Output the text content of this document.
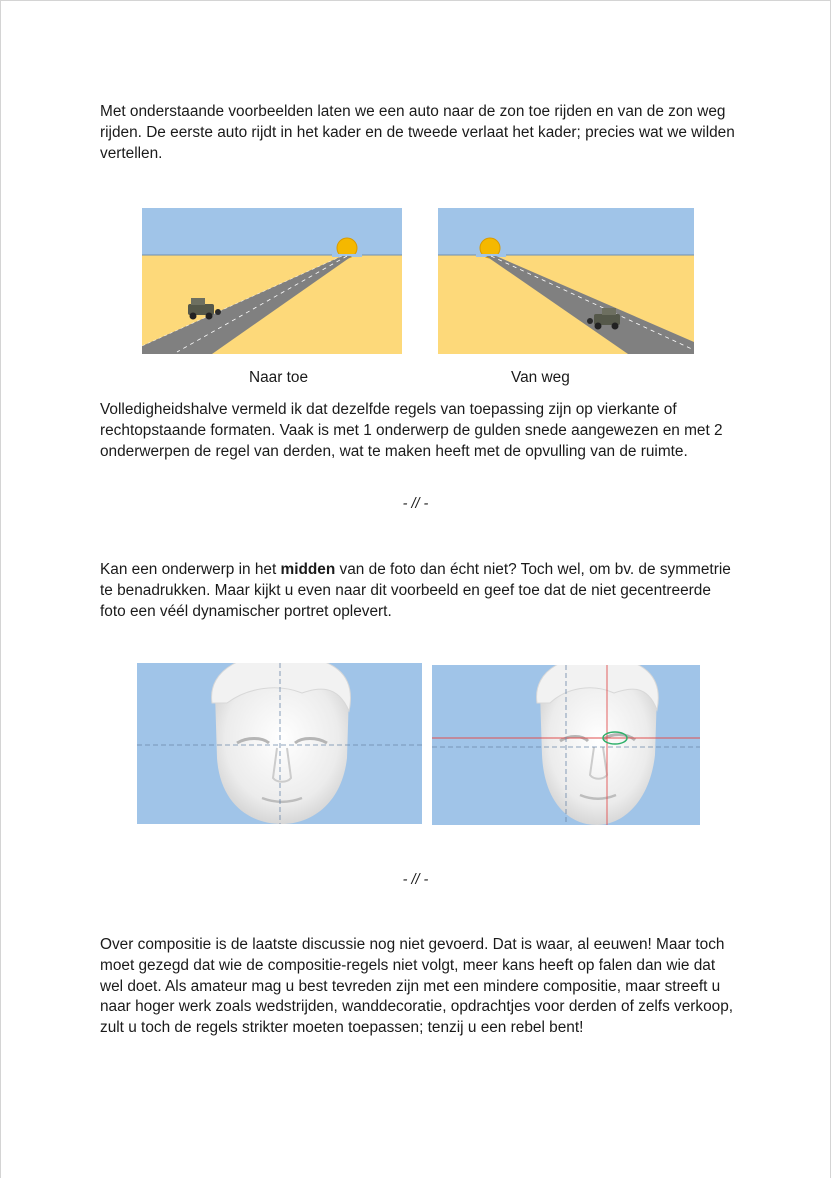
Met onderstaande voorbeelden laten we een auto naar de zon toe rijden en van de zon weg rijden. De eerste auto rijdt in het kader en de tweede verlaat het kader; precies wat we wilden vertellen.

Naar toe	Van weg

Volledigheidshalve vermeld ik dat dezelfde regels van toepassing zijn op vierkante of rechtopstaande formaten. Vaak is met 1 onderwerp de gulden snede aangewezen en met 2 onderwerpen de regel van derden, wat te maken heeft met de opvulling van de ruimte.

- // -

Kan een onderwerp in het midden van de foto dan écht niet? Toch wel, om bv. de symmetrie te benadrukken. Maar kijkt u even naar dit voorbeeld en geef toe dat de niet gecentreerde foto een véél dynamischer portret oplevert.

- // -

Over compositie is de laatste discussie nog niet gevoerd. Dat is waar, al eeuwen! Maar toch moet gezegd dat wie de compositie-regels niet volgt, meer kans heeft op falen dan wie dat wel doet. Als amateur mag u best tevreden zijn met een mindere compositie, maar streeft u naar hoger werk zoals wedstrijden, wanddecoratie, opdrachtjes voor derden of zelfs verkoop, zult u toch de regels strikter moeten toepassen; tenzij u een rebel bent!
